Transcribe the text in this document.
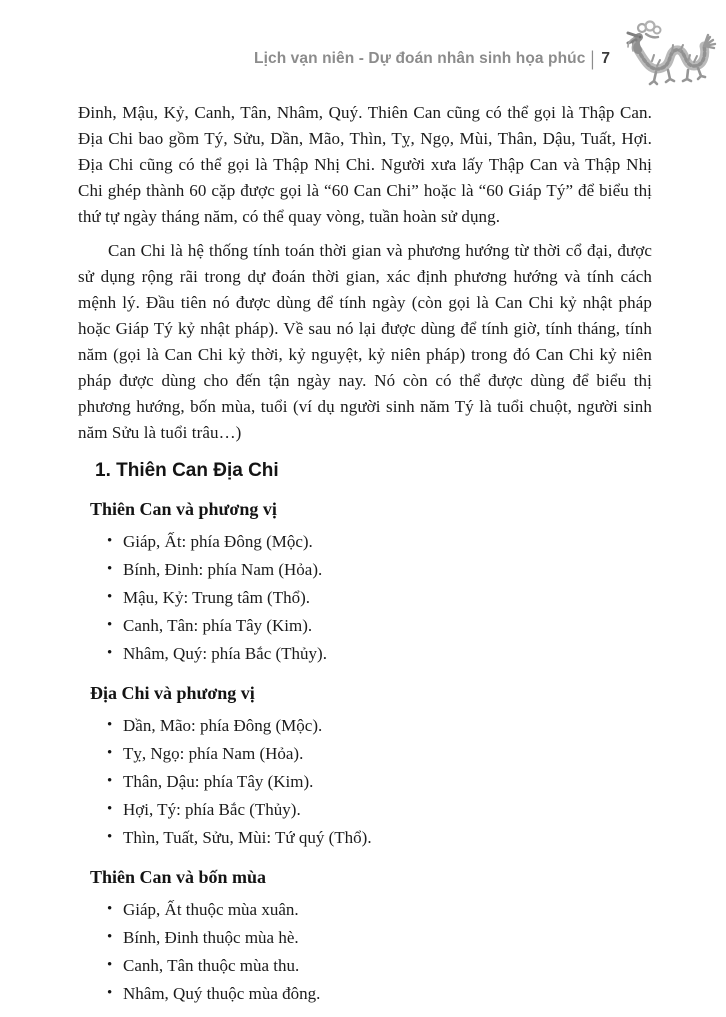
Lịch vạn niên - Dự đoán nhân sinh họa phúc | 7

Đinh, Mậu, Kỷ, Canh, Tân, Nhâm, Quý. Thiên Can cũng có thể gọi là Thập Can. Địa Chi bao gồm Tý, Sửu, Dần, Mão, Thìn, Tỵ, Ngọ, Mùi, Thân, Dậu, Tuất, Hợi. Địa Chi cũng có thể gọi là Thập Nhị Chi. Người xưa lấy Thập Can và Thập Nhị Chi ghép thành 60 cặp được gọi là “60 Can Chi” hoặc là “60 Giáp Tý” để biểu thị thứ tự ngày tháng năm, có thể quay vòng, tuần hoàn sử dụng.

Can Chi là hệ thống tính toán thời gian và phương hướng từ thời cổ đại, được sử dụng rộng rãi trong dự đoán thời gian, xác định phương hướng và tính cách mệnh lý. Đầu tiên nó được dùng để tính ngày (còn gọi là Can Chi kỷ nhật pháp hoặc Giáp Tý kỷ nhật pháp). Về sau nó lại được dùng để tính giờ, tính tháng, tính năm (gọi là Can Chi kỷ thời, kỷ nguyệt, kỷ niên pháp) trong đó Can Chi kỷ niên pháp được dùng cho đến tận ngày nay. Nó còn có thể được dùng để biểu thị phương hướng, bốn mùa, tuổi (ví dụ người sinh năm Tý là tuổi chuột, người sinh năm Sửu là tuổi trâu…)

1. Thiên Can Địa Chi
Thiên Can và phương vị
• Giáp, Ất: phía Đông (Mộc).
• Bính, Đinh: phía Nam (Hỏa).
• Mậu, Kỷ: Trung tâm (Thổ).
• Canh, Tân: phía Tây (Kim).
• Nhâm, Quý: phía Bắc (Thủy).
Địa Chi và phương vị
• Dần, Mão: phía Đông (Mộc).
• Tỵ, Ngọ: phía Nam (Hỏa).
• Thân, Dậu: phía Tây (Kim).
• Hợi, Tý: phía Bắc (Thủy).
• Thìn, Tuất, Sửu, Mùi: Tứ quý (Thổ).
Thiên Can và bốn mùa
• Giáp, Ất thuộc mùa xuân.
• Bính, Đinh thuộc mùa hè.
• Canh, Tân thuộc mùa thu.
• Nhâm, Quý thuộc mùa đông.
